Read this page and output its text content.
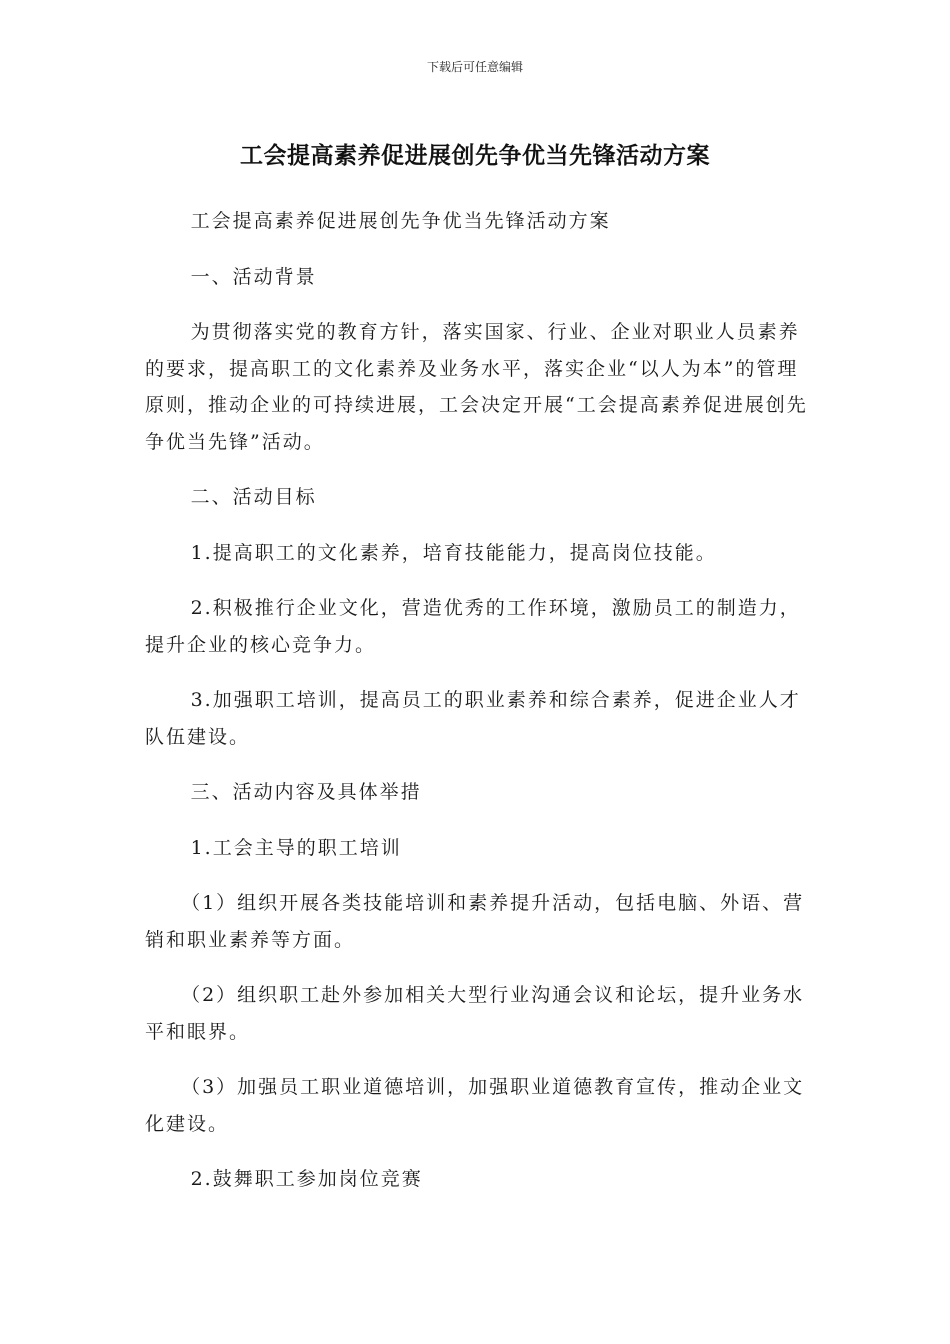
下载后可任意编辑
工会提高素养促进展创先争优当先锋活动方案

工会提高素养促进展创先争优当先锋活动方案

一、活动背景

为贯彻落实党的教育方针，落实国家、行业、企业对职业人员素养的要求，提高职工的文化素养及业务水平，落实企业“以人为本”的管理原则，推动企业的可持续进展，工会决定开展“工会提高素养促进展创先争优当先锋”活动。

二、活动目标

1.提高职工的文化素养，培育技能能力，提高岗位技能。

2.积极推行企业文化，营造优秀的工作环境，激励员工的制造力，提升企业的核心竞争力。

3.加强职工培训，提高员工的职业素养和综合素养，促进企业人才队伍建设。

三、活动内容及具体举措

1.工会主导的职工培训

（1）组织开展各类技能培训和素养提升活动，包括电脑、外语、营销和职业素养等方面。

（2）组织职工赴外参加相关大型行业沟通会议和论坛，提升业务水平和眼界。

（3）加强员工职业道德培训，加强职业道德教育宣传，推动企业文化建设。

2.鼓舞职工参加岗位竞赛
